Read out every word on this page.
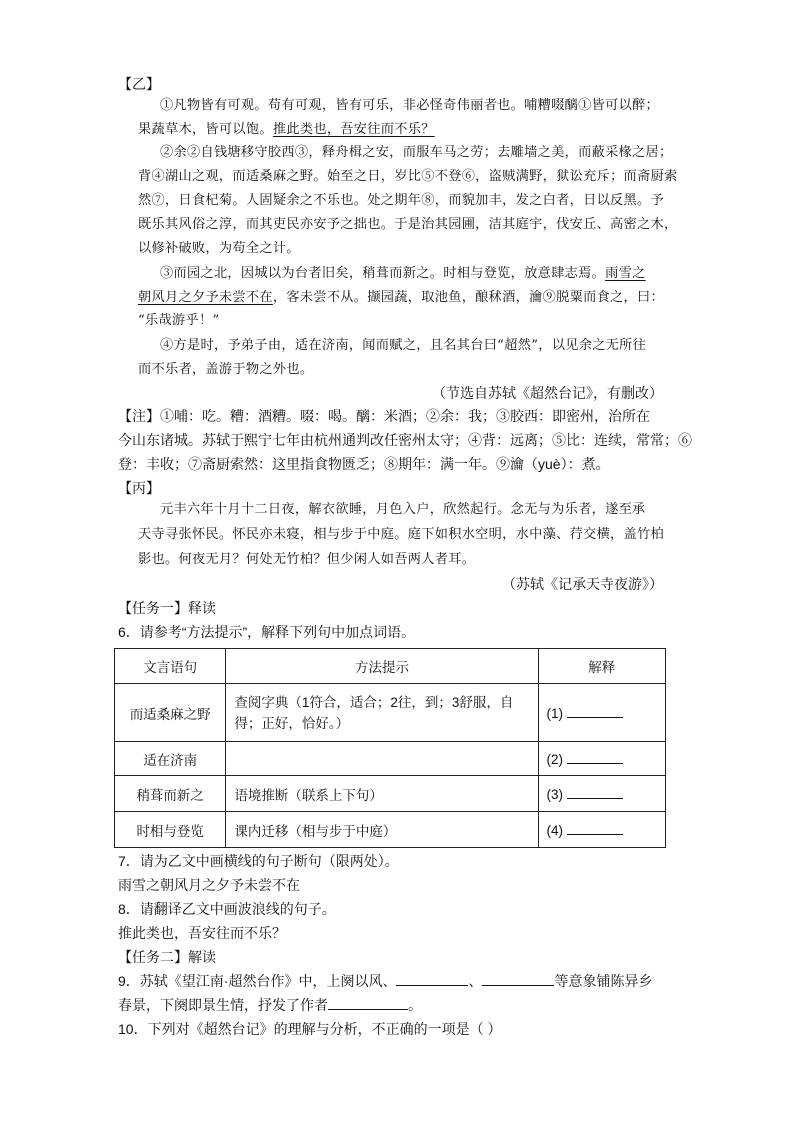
【乙】
①凡物皆有可观。苟有可观，皆有可乐，非必怪奇伟丽者也。哺糟啜醨①皆可以醉；
果蔬草木，皆可以饱。推此类也，吾安往而不乐？
②余②自钱塘移守胶西③，释舟楫之安，而服车马之劳；去雕墙之美，而蔽采椽之居；
背④湖山之观，而适桑麻之野。始至之日，岁比⑤不登⑥，盗贼满野，狱讼充斥；而斋厨索
然⑦，日食杞菊。人固疑余之不乐也。处之期年⑧，而貌加丰，发之白者，日以反黑。予
既乐其风俗之淳，而其吏民亦安予之拙也。于是治其园圃，洁其庭宇，伐安丘、高密之木，
以修补破败，为苟全之计。
③而园之北，因城以为台者旧矣，稍葺而新之。时相与登览，放意肆志焉。雨雪之
朝风月之夕予未尝不在，客未尝不从。撷园蔬，取池鱼，酿秫酒，瀹⑨脱粟而食之，曰：
“乐哉游乎！”
④方是时，予弟子由，适在济南，闻而赋之，且名其台曰“超然”，以见余之无所往
而不乐者，盖游于物之外也。
（节选自苏轼《超然台记》，有删改）
【注】①哺：吃。糟：酒糟。啜：喝。醨：米酒；②余：我；③胶西：即密州，治所在
今山东诸城。苏轼于熙宁七年由杭州通判改任密州太守；④背：远离；⑤比：连续，常常；⑥
登：丰收；⑦斋厨索然：这里指食物匮乏；⑧期年：满一年。⑨瀹（yuè）：煮。
【丙】
元丰六年十月十二日夜，解衣欲睡，月色入户，欣然起行。念无与为乐者，遂至承
天寺寻张怀民。怀民亦未寝，相与步于中庭。庭下如积水空明，水中藻、荇交横，盖竹柏
影也。何夜无月？何处无竹柏？但少闲人如吾两人者耳。
（苏轼《记承天寺夜游》）
【任务一】释读
6．请参考“方法提示”，解释下列句中加点词语。
文言语句	方法提示	解释
而适桑麻之野	查阅字典（1符合，适合；2往，到；3舒服，自得；正好，恰好。）	(1)
适在济南		(2)
稍葺而新之	语境推断（联系上下句）	(3)
时相与登览	课内迁移（相与步于中庭）	(4)
7．请为乙文中画横线的句子断句（限两处）。
雨雪之朝风月之夕予未尝不在
8．请翻译乙文中画波浪线的句子。
推此类也，吾安往而不乐？
【任务二】解读
9．苏轼《望江南·超然台作》中，上阕以风、	、	等意象铺陈异乡
春景，下阕即景生情，抒发了作者	。
10．下列对《超然台记》的理解与分析，不正确的一项是（ ）
